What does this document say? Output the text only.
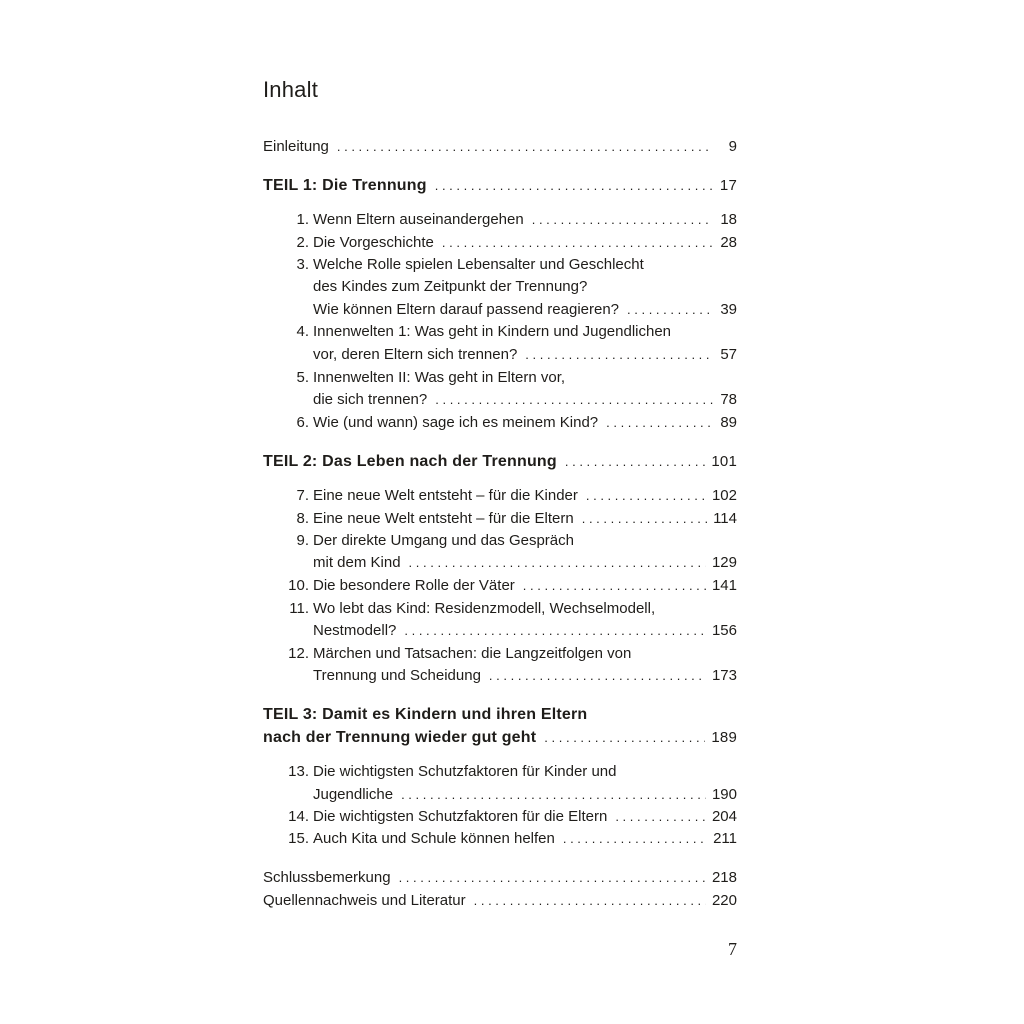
Inhalt
Einleitung . . .	9
TEIL 1: Die Trennung . . .	17
1. Wenn Eltern auseinandergehen . . .	18
2. Die Vorgeschichte . . .	28
3. Welche Rolle spielen Lebensalter und Geschlecht
des Kindes zum Zeitpunkt der Trennung?
Wie können Eltern darauf passend reagieren? . . .	39
4. Innenwelten 1: Was geht in Kindern und Jugendlichen
vor, deren Eltern sich trennen? . . .	57
5. Innenwelten II: Was geht in Eltern vor,
die sich trennen? . . .	78
6. Wie (und wann) sage ich es meinem Kind? . . .	89
TEIL 2: Das Leben nach der Trennung . . .	101
7. Eine neue Welt entsteht – für die Kinder . . .	102
8. Eine neue Welt entsteht – für die Eltern . . .	114
9. Der direkte Umgang und das Gespräch
mit dem Kind . . .	129
10. Die besondere Rolle der Väter . . .	141
11. Wo lebt das Kind: Residenzmodell, Wechselmodell,
Nestmodell? . . .	156
12. Märchen und Tatsachen: die Langzeitfolgen von
Trennung und Scheidung . . .	173
TEIL 3: Damit es Kindern und ihren Eltern
nach der Trennung wieder gut geht . . .	189
13. Die wichtigsten Schutzfaktoren für Kinder und
Jugendliche . . .	190
14. Die wichtigsten Schutzfaktoren für die Eltern . . .	204
15. Auch Kita und Schule können helfen . . .	211
Schlussbemerkung . . .	218
Quellennachweis und Literatur . . .	220
7
